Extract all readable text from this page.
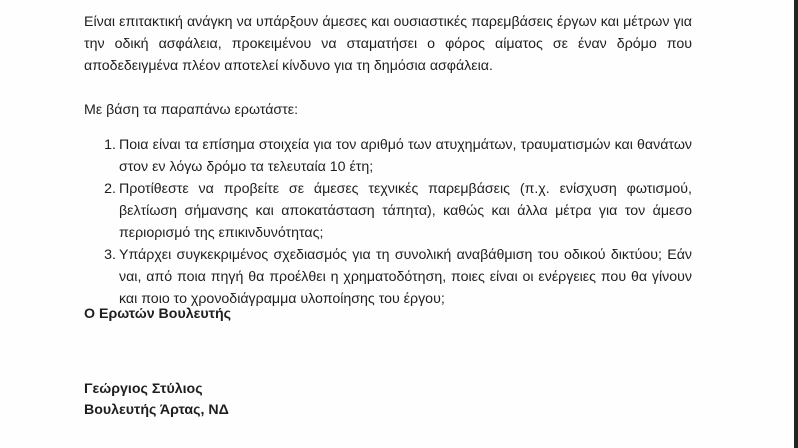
Είναι επιτακτική ανάγκη να υπάρξουν άμεσες και ουσιαστικές παρεμβάσεις έργων και μέτρων για την οδική ασφάλεια, προκειμένου να σταματήσει ο φόρος αίματος σε έναν δρόμο που αποδεδειγμένα πλέον αποτελεί κίνδυνο για τη δημόσια ασφάλεια.

Με βάση τα παραπάνω ερωτάστε:

1. Ποια είναι τα επίσημα στοιχεία για τον αριθμό των ατυχημάτων, τραυματισμών και θανάτων στον εν λόγω δρόμο τα τελευταία 10 έτη;
2. Προτίθεστε να προβείτε σε άμεσες τεχνικές παρεμβάσεις (π.χ. ενίσχυση φωτισμού, βελτίωση σήμανσης και αποκατάσταση τάπητα), καθώς και άλλα μέτρα για τον άμεσο περιορισμό της επικινδυνότητας;
3. Υπάρχει συγκεκριμένος σχεδιασμός για τη συνολική αναβάθμιση του οδικού δικτύου; Εάν ναι, από ποια πηγή θα προέλθει η χρηματοδότηση, ποιες είναι οι ενέργειες που θα γίνουν και ποιο το χρονοδιάγραμμα υλοποίησης του έργου;

Ο Ερωτών Βουλευτής

Γεώργιος Στύλιος

Βουλευτής Άρτας, ΝΔ
